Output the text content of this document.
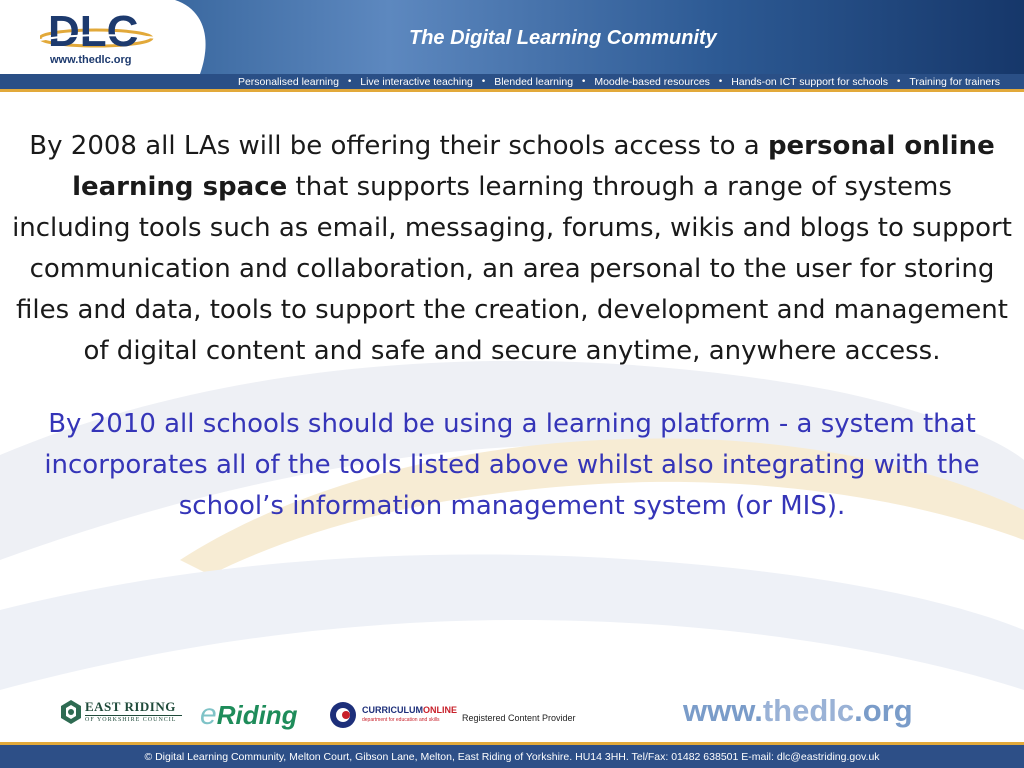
DLC
www.thedlc.org
The Digital Learning Community
Personalised learning • Live interactive teaching • Blended learning • Moodle-based resources • Hands-on ICT support for schools • Training for trainers

By 2008 all LAs will be offering their schools access to a personal online learning space that supports learning through a range of systems including tools such as email, messaging, forums, wikis and blogs to support communication and collaboration, an area personal to the user for storing files and data, tools to support the creation, development and management of digital content and safe and secure anytime, anywhere access.

By 2010 all schools should be using a learning platform - a system that incorporates all of the tools listed above whilst also integrating with the school’s information management system (or MIS).

EAST RIDING
OF YORKSHIRE COUNCIL eRiding	CURRICULUMONLINE
department for education and skills Registered Content Provider	www.thedlc.org
© Digital Learning Community, Melton Court, Gibson Lane, Melton, East Riding of Yorkshire. HU14 3HH. Tel/Fax: 01482 638501 E-mail: dlc@eastriding.gov.uk
